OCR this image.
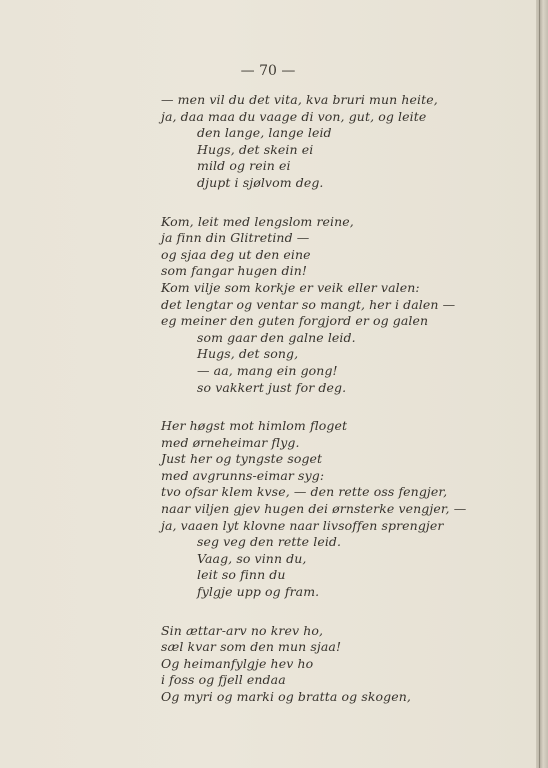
— 70 —
— men vil du det vita, kva bruri mun heite,
ja, daa maa du vaage di von, gut, og leite
den lange, lange leid
Hugs, det skein ei
mild og rein ei
djupt i sjølvom deg.
Kom, leit med lengslom reine,
ja finn din Glitretind —
og sjaa deg ut den eine
som fangar hugen din!
Kom vilje som korkje er veik eller valen:
det lengtar og ventar so mangt, her i dalen —
eg meiner den guten forgjord er og galen
som gaar den galne leid.
Hugs, det song,
— aa, mang ein gong!
so vakkert just for deg.
Her høgst mot himlom floget
med ørneheimar flyg.
Just her og tyngste soget
med avgrunns-eimar syg:
tvo ofsar klem kvse, — den rette oss fengjer,
naar viljen gjev hugen dei ørnsterke vengjer, —
ja, vaaen lyt klovne naar livsoffen sprengjer
seg veg den rette leid.
Vaag, so vinn du,
leit so finn du
fylgje upp og fram.
Sin ættar-arv no krev ho,
sæl kvar som den mun sjaa!
Og heimanfylgje hev ho
i foss og fjell endaa
Og myri og marki og bratta og skogen,
